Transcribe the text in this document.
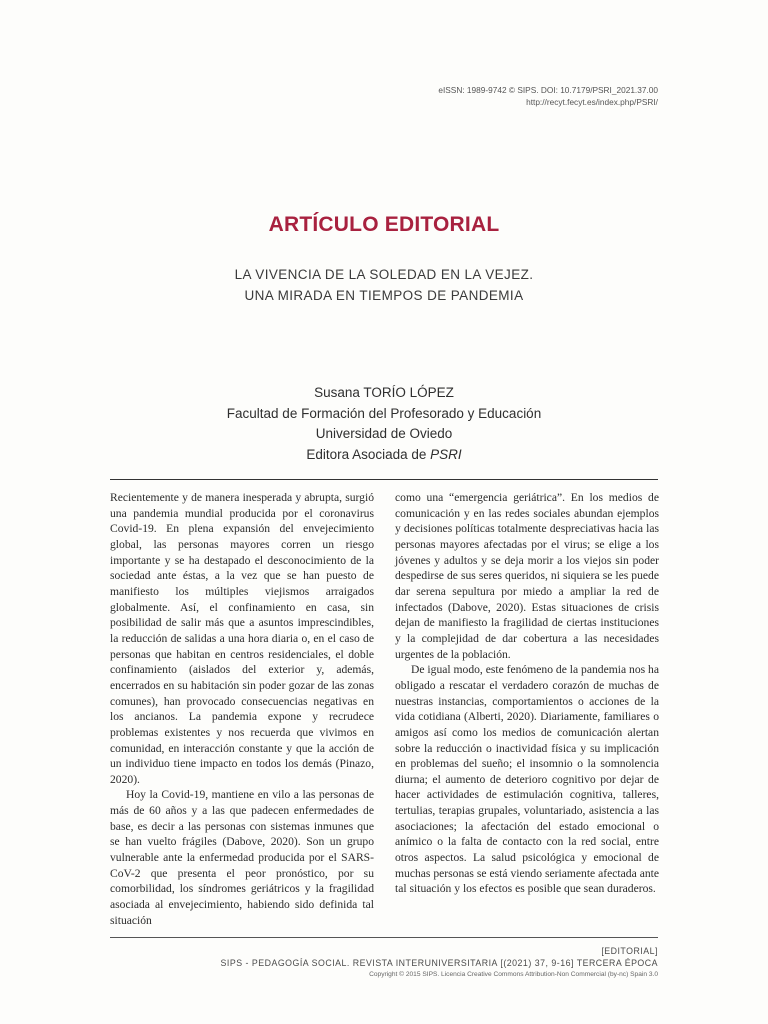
eISSN: 1989-9742 © SIPS. DOI: 10.7179/PSRI_2021.37.00
http://recyt.fecyt.es/index.php/PSRI/
ARTÍCULO EDITORIAL
LA VIVENCIA DE LA SOLEDAD EN LA VEJEZ.
UNA MIRADA EN TIEMPOS DE PANDEMIA
Susana TORÍO LÓPEZ
Facultad de Formación del Profesorado y Educación
Universidad de Oviedo
Editora Asociada de PSRI

Recientemente y de manera inesperada y abrupta, surgió una pandemia mundial producida por el coronavirus Covid-19. En plena expansión del envejecimiento global, las personas mayores corren un riesgo importante y se ha destapado el desconocimiento de la sociedad ante éstas, a la vez que se han puesto de manifiesto los múltiples viejismos arraigados globalmente. Así, el confinamiento en casa, sin posibilidad de salir más que a asuntos imprescindibles, la reducción de salidas a una hora diaria o, en el caso de personas que habitan en centros residenciales, el doble confinamiento (aislados del exterior y, además, encerrados en su habitación sin poder gozar de las zonas comunes), han provocado consecuencias negativas en los ancianos. La pandemia expone y recrudece problemas existentes y nos recuerda que vivimos en comunidad, en interacción constante y que la acción de un individuo tiene impacto en todos los demás (Pinazo, 2020).

Hoy la Covid-19, mantiene en vilo a las personas de más de 60 años y a las que padecen enfermedades de base, es decir a las personas con sistemas inmunes que se han vuelto frágiles (Dabove, 2020). Son un grupo vulnerable ante la enfermedad producida por el SARS-CoV-2 que presenta el peor pronóstico, por su comorbilidad, los síndromes geriátricos y la fragilidad asociada al envejecimiento, habiendo sido definida tal situación

como una “emergencia geriátrica”. En los medios de comunicación y en las redes sociales abundan ejemplos y decisiones políticas totalmente despreciativas hacia las personas mayores afectadas por el virus; se elige a los jóvenes y adultos y se deja morir a los viejos sin poder despedirse de sus seres queridos, ni siquiera se les puede dar serena sepultura por miedo a ampliar la red de infectados (Dabove, 2020). Estas situaciones de crisis dejan de manifiesto la fragilidad de ciertas instituciones y la complejidad de dar cobertura a las necesidades urgentes de la población.

De igual modo, este fenómeno de la pandemia nos ha obligado a rescatar el verdadero corazón de muchas de nuestras instancias, comportamientos o acciones de la vida cotidiana (Alberti, 2020). Diariamente, familiares o amigos así como los medios de comunicación alertan sobre la reducción o inactividad física y su implicación en problemas del sueño; el insomnio o la somnolencia diurna; el aumento de deterioro cognitivo por dejar de hacer actividades de estimulación cognitiva, talleres, tertulias, terapias grupales, voluntariado, asistencia a las asociaciones; la afectación del estado emocional o anímico o la falta de contacto con la red social, entre otros aspectos. La salud psicológica y emocional de muchas personas se está viendo seriamente afectada ante tal situación y los efectos es posible que sean duraderos.

[EDITORIAL]
SIPS - PEDAGOGÍA SOCIAL. REVISTA INTERUNIVERSITARIA [(2021) 37, 9-16] TERCERA ÉPOCA
Copyright © 2015 SIPS. Licencia Creative Commons Attribution-Non Commercial (by-nc) Spain 3.0
